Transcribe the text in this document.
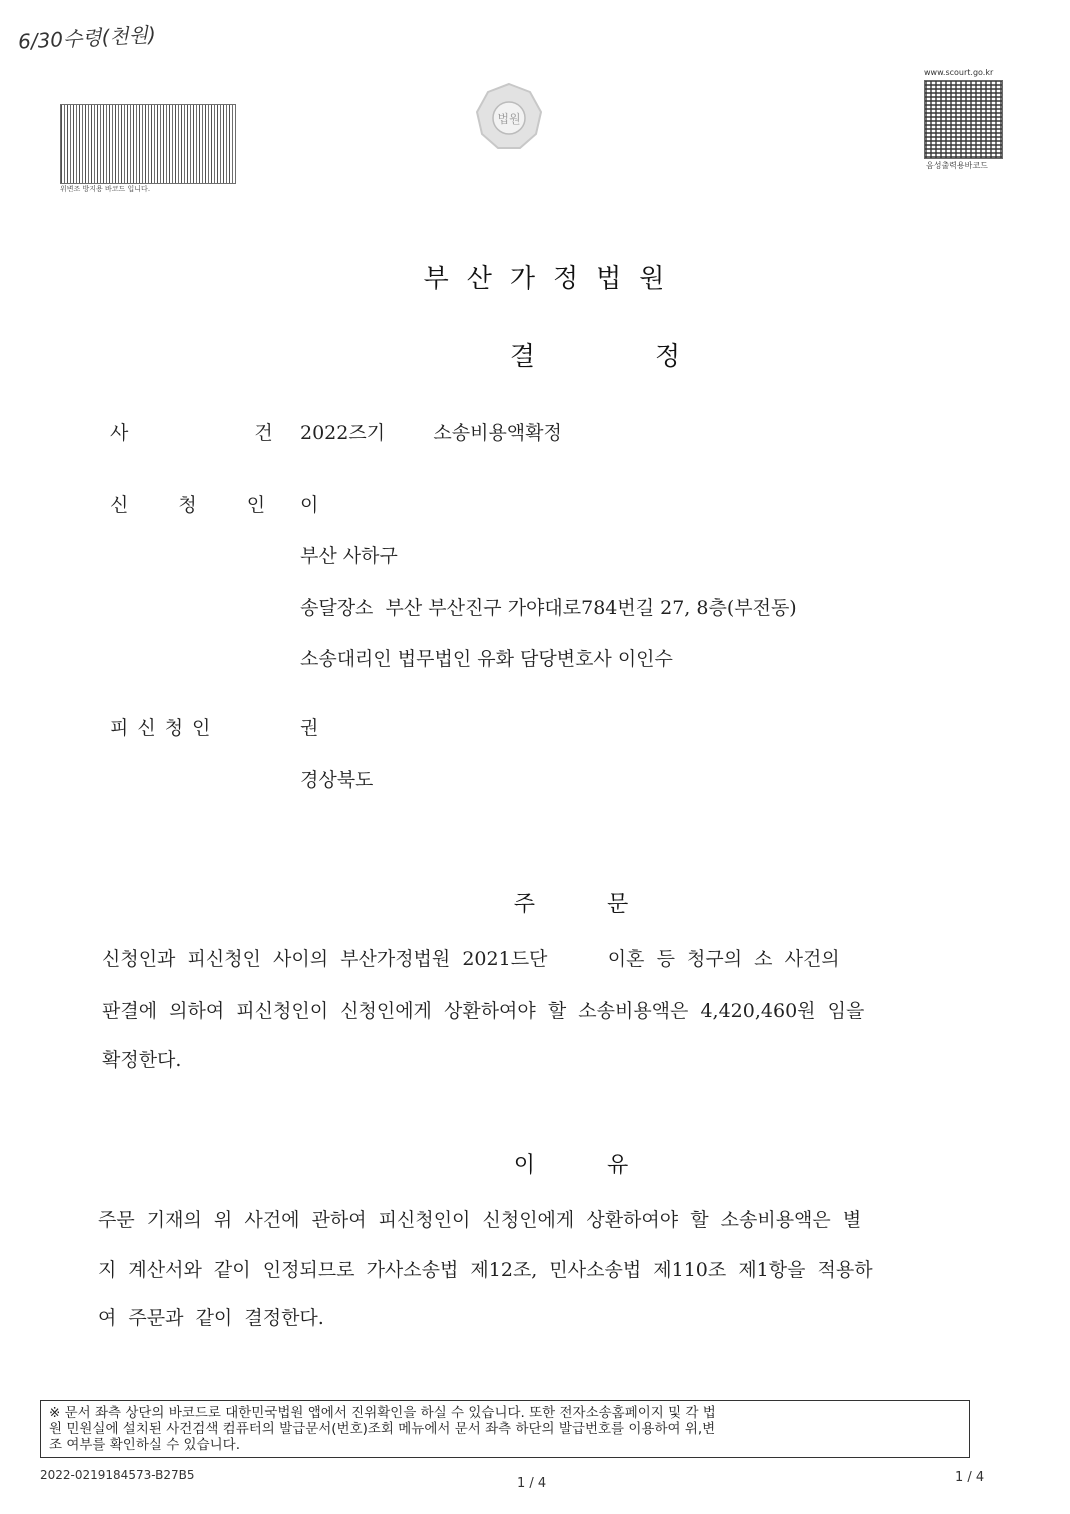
6/30수령(천원)
위변조 방지용 바코드 입니다.
법원
www.scourt.go.kr
음성출력용바코드
부산가정법원
결정
사 건
2022즈기        소송비용액확정
신 청 인 이
부산 사하구
송달장소  부산 부산진구 가야대로784번길 27, 8층(부전동)
소송대리인 법무법인 유화 담당변호사 이인수
피신청인	권
경상북도
주문
신청인과  피신청인  사이의  부산가정법원  2021드단          이혼  등  청구의  소  사건의
판결에  의하여  피신청인이  신청인에게  상환하여야  할  소송비용액은  4,420,460원  임을
확정한다.
이유
주문  기재의  위  사건에  관하여  피신청인이  신청인에게  상환하여야  할  소송비용액은  별
지  계산서와  같이  인정되므로  가사소송법  제12조,  민사소송법  제110조  제1항을  적용하
여  주문과  같이  결정한다.
※ 문서 좌측 상단의 바코드로 대한민국법원 앱에서 진위확인을 하실 수 있습니다. 또한 전자소송홈페이지 및 각 법
원 민원실에 설치된 사건검색 컴퓨터의 발급문서(번호)조회 메뉴에서 문서 좌측 하단의 발급번호를 이용하여 위,변
조 여부를 확인하실 수 있습니다.
2022-0219184573-B27B5
1 / 4	1 / 4
